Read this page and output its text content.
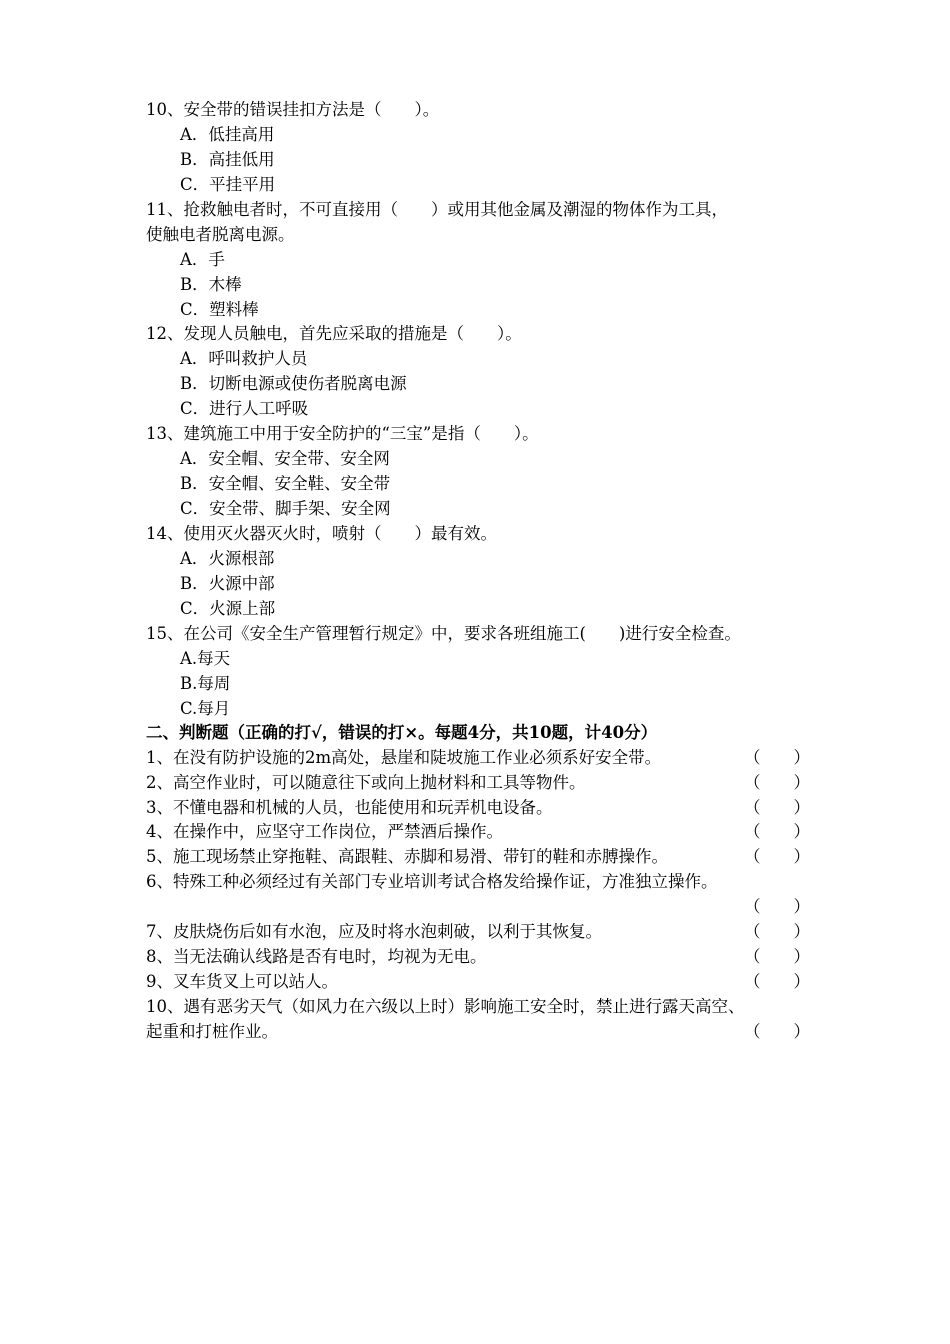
10、安全带的错误挂扣方法是（　　）。
A．低挂高用
B．高挂低用
C．平挂平用
11、抢救触电者时，不可直接用（　　）或用其他金属及潮湿的物体作为工具，
使触电者脱离电源。
A．手
B．木棒
C．塑料棒
12、发现人员触电，首先应采取的措施是（　　）。
A．呼叫救护人员
B．切断电源或使伤者脱离电源
C．进行人工呼吸
13、建筑施工中用于安全防护的“三宝”是指（　　）。
A．安全帽、安全带、安全网
B．安全帽、安全鞋、安全带
C．安全带、脚手架、安全网
14、使用灭火器灭火时，喷射（　　）最有效。
A．火源根部
B．火源中部
C．火源上部
15、在公司《安全生产管理暂行规定》中，要求各班组施工(　　)进行安全检查。
A.每天
B.每周
C.每月
二、判断题（正确的打√，错误的打×。每题4分，共10题，计40分）
1、在没有防护设施的2m高处，悬崖和陡坡施工作业必须系好安全带。	（　　）
2、高空作业时，可以随意往下或向上抛材料和工具等物件。	（　　）
3、不懂电器和机械的人员，也能使用和玩弄机电设备。	（　　）
4、在操作中，应坚守工作岗位，严禁酒后操作。	（　　）
5、施工现场禁止穿拖鞋、高跟鞋、赤脚和易滑、带钉的鞋和赤膊操作。	（　　）
6、特殊工种必须经过有关部门专业培训考试合格发给操作证，方准独立操作。
（　　）
7、皮肤烧伤后如有水泡，应及时将水泡刺破，以利于其恢复。	（　　）
8、当无法确认线路是否有电时，均视为无电。	（　　）
9、叉车货叉上可以站人。	（　　）
10、遇有恶劣天气（如风力在六级以上时）影响施工安全时，禁止进行露天高空、
起重和打桩作业。	（　　）
